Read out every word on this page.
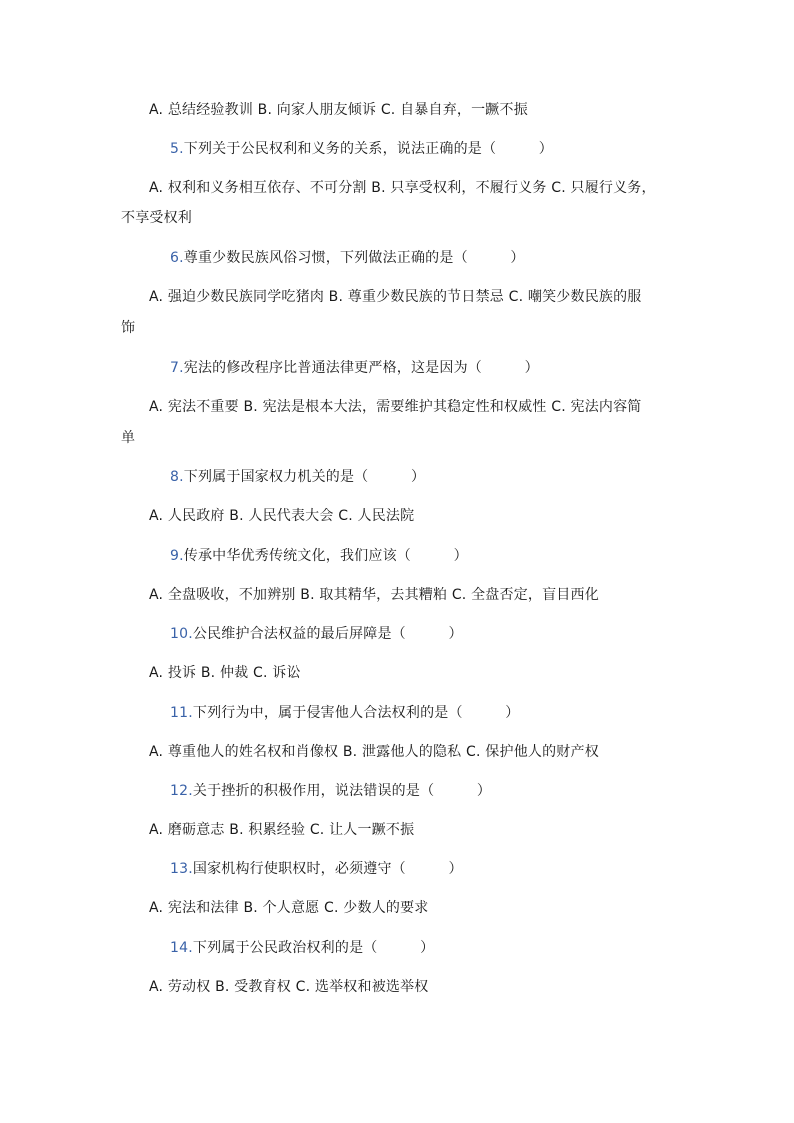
A. 总结经验教训 B. 向家人朋友倾诉 C. 自暴自弃，一蹶不振
5.下列关于公民权利和义务的关系，说法正确的是（　　　）
A. 权利和义务相互依存、不可分割 B. 只享受权利，不履行义务 C. 只履行义务，
不享受权利
6.尊重少数民族风俗习惯，下列做法正确的是（　　　）
A. 强迫少数民族同学吃猪肉 B. 尊重少数民族的节日禁忌 C. 嘲笑少数民族的服
饰
7.宪法的修改程序比普通法律更严格，这是因为（　　　）
A. 宪法不重要 B. 宪法是根本大法，需要维护其稳定性和权威性 C. 宪法内容简
单
8.下列属于国家权力机关的是（　　　）
A. 人民政府 B. 人民代表大会 C. 人民法院
9.传承中华优秀传统文化，我们应该（　　　）
A. 全盘吸收，不加辨别 B. 取其精华，去其糟粕 C. 全盘否定，盲目西化
10.公民维护合法权益的最后屏障是（　　　）
A. 投诉 B. 仲裁 C. 诉讼
11.下列行为中，属于侵害他人合法权利的是（　　　）
A. 尊重他人的姓名权和肖像权 B. 泄露他人的隐私 C. 保护他人的财产权
12.关于挫折的积极作用，说法错误的是（　　　）
A. 磨砺意志 B. 积累经验 C. 让人一蹶不振
13.国家机构行使职权时，必须遵守（　　　）
A. 宪法和法律 B. 个人意愿 C. 少数人的要求
14.下列属于公民政治权利的是（　　　）
A. 劳动权 B. 受教育权 C. 选举权和被选举权
